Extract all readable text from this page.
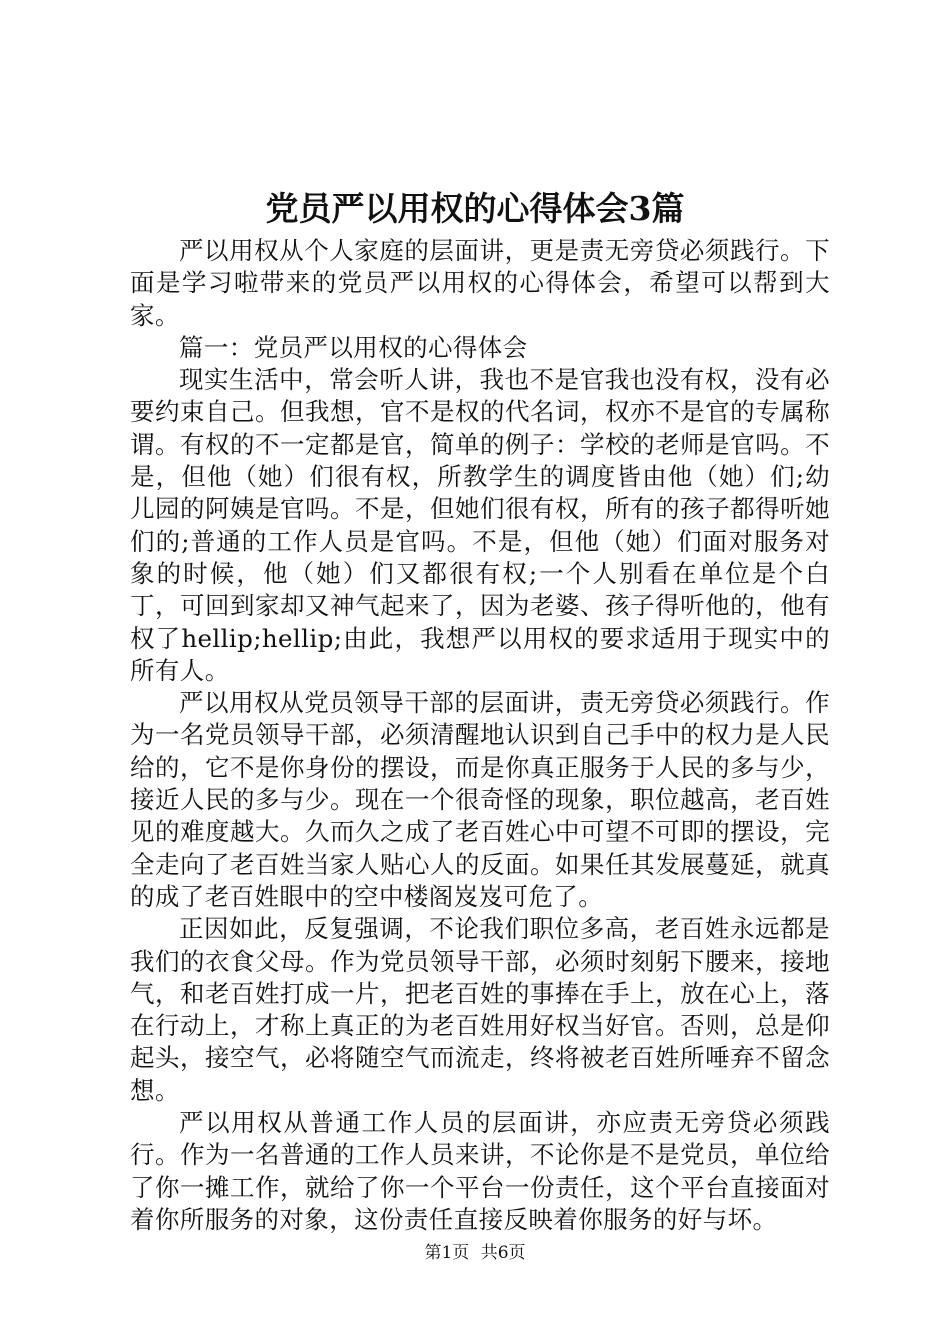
党员严以用权的心得体会3篇

严以用权从个人家庭的层面讲，更是责无旁贷必须践行。下面是学习啦带来的党员严以用权的心得体会，希望可以帮到大家。

篇一：党员严以用权的心得体会

现实生活中，常会听人讲，我也不是官我也没有权，没有必要约束自己。但我想，官不是权的代名词，权亦不是官的专属称谓。有权的不一定都是官，简单的例子：学校的老师是官吗。不是，但他（她）们很有权，所教学生的调度皆由他（她）们;幼儿园的阿姨是官吗。不是，但她们很有权，所有的孩子都得听她们的;普通的工作人员是官吗。不是，但他（她）们面对服务对象的时候，他（她）们又都很有权;一个人别看在单位是个白丁，可回到家却又神气起来了，因为老婆、孩子得听他的，他有权了hellip;hellip;由此，我想严以用权的要求适用于现实中的所有人。

严以用权从党员领导干部的层面讲，责无旁贷必须践行。作为一名党员领导干部，必须清醒地认识到自己手中的权力是人民给的，它不是你身份的摆设，而是你真正服务于人民的多与少，接近人民的多与少。现在一个很奇怪的现象，职位越高，老百姓见的难度越大。久而久之成了老百姓心中可望不可即的摆设，完全走向了老百姓当家人贴心人的反面。如果任其发展蔓延，就真的成了老百姓眼中的空中楼阁岌岌可危了。

正因如此，反复强调，不论我们职位多高，老百姓永远都是我们的衣食父母。作为党员领导干部，必须时刻躬下腰来，接地气，和老百姓打成一片，把老百姓的事捧在手上，放在心上，落在行动上，才称上真正的为老百姓用好权当好官。否则，总是仰起头，接空气，必将随空气而流走，终将被老百姓所唾弃不留念想。

严以用权从普通工作人员的层面讲，亦应责无旁贷必须践行。作为一名普通的工作人员来讲，不论你是不是党员，单位给了你一摊工作，就给了你一个平台一份责任，这个平台直接面对着你所服务的对象，这份责任直接反映着你服务的好与坏。

第1页 共6页
